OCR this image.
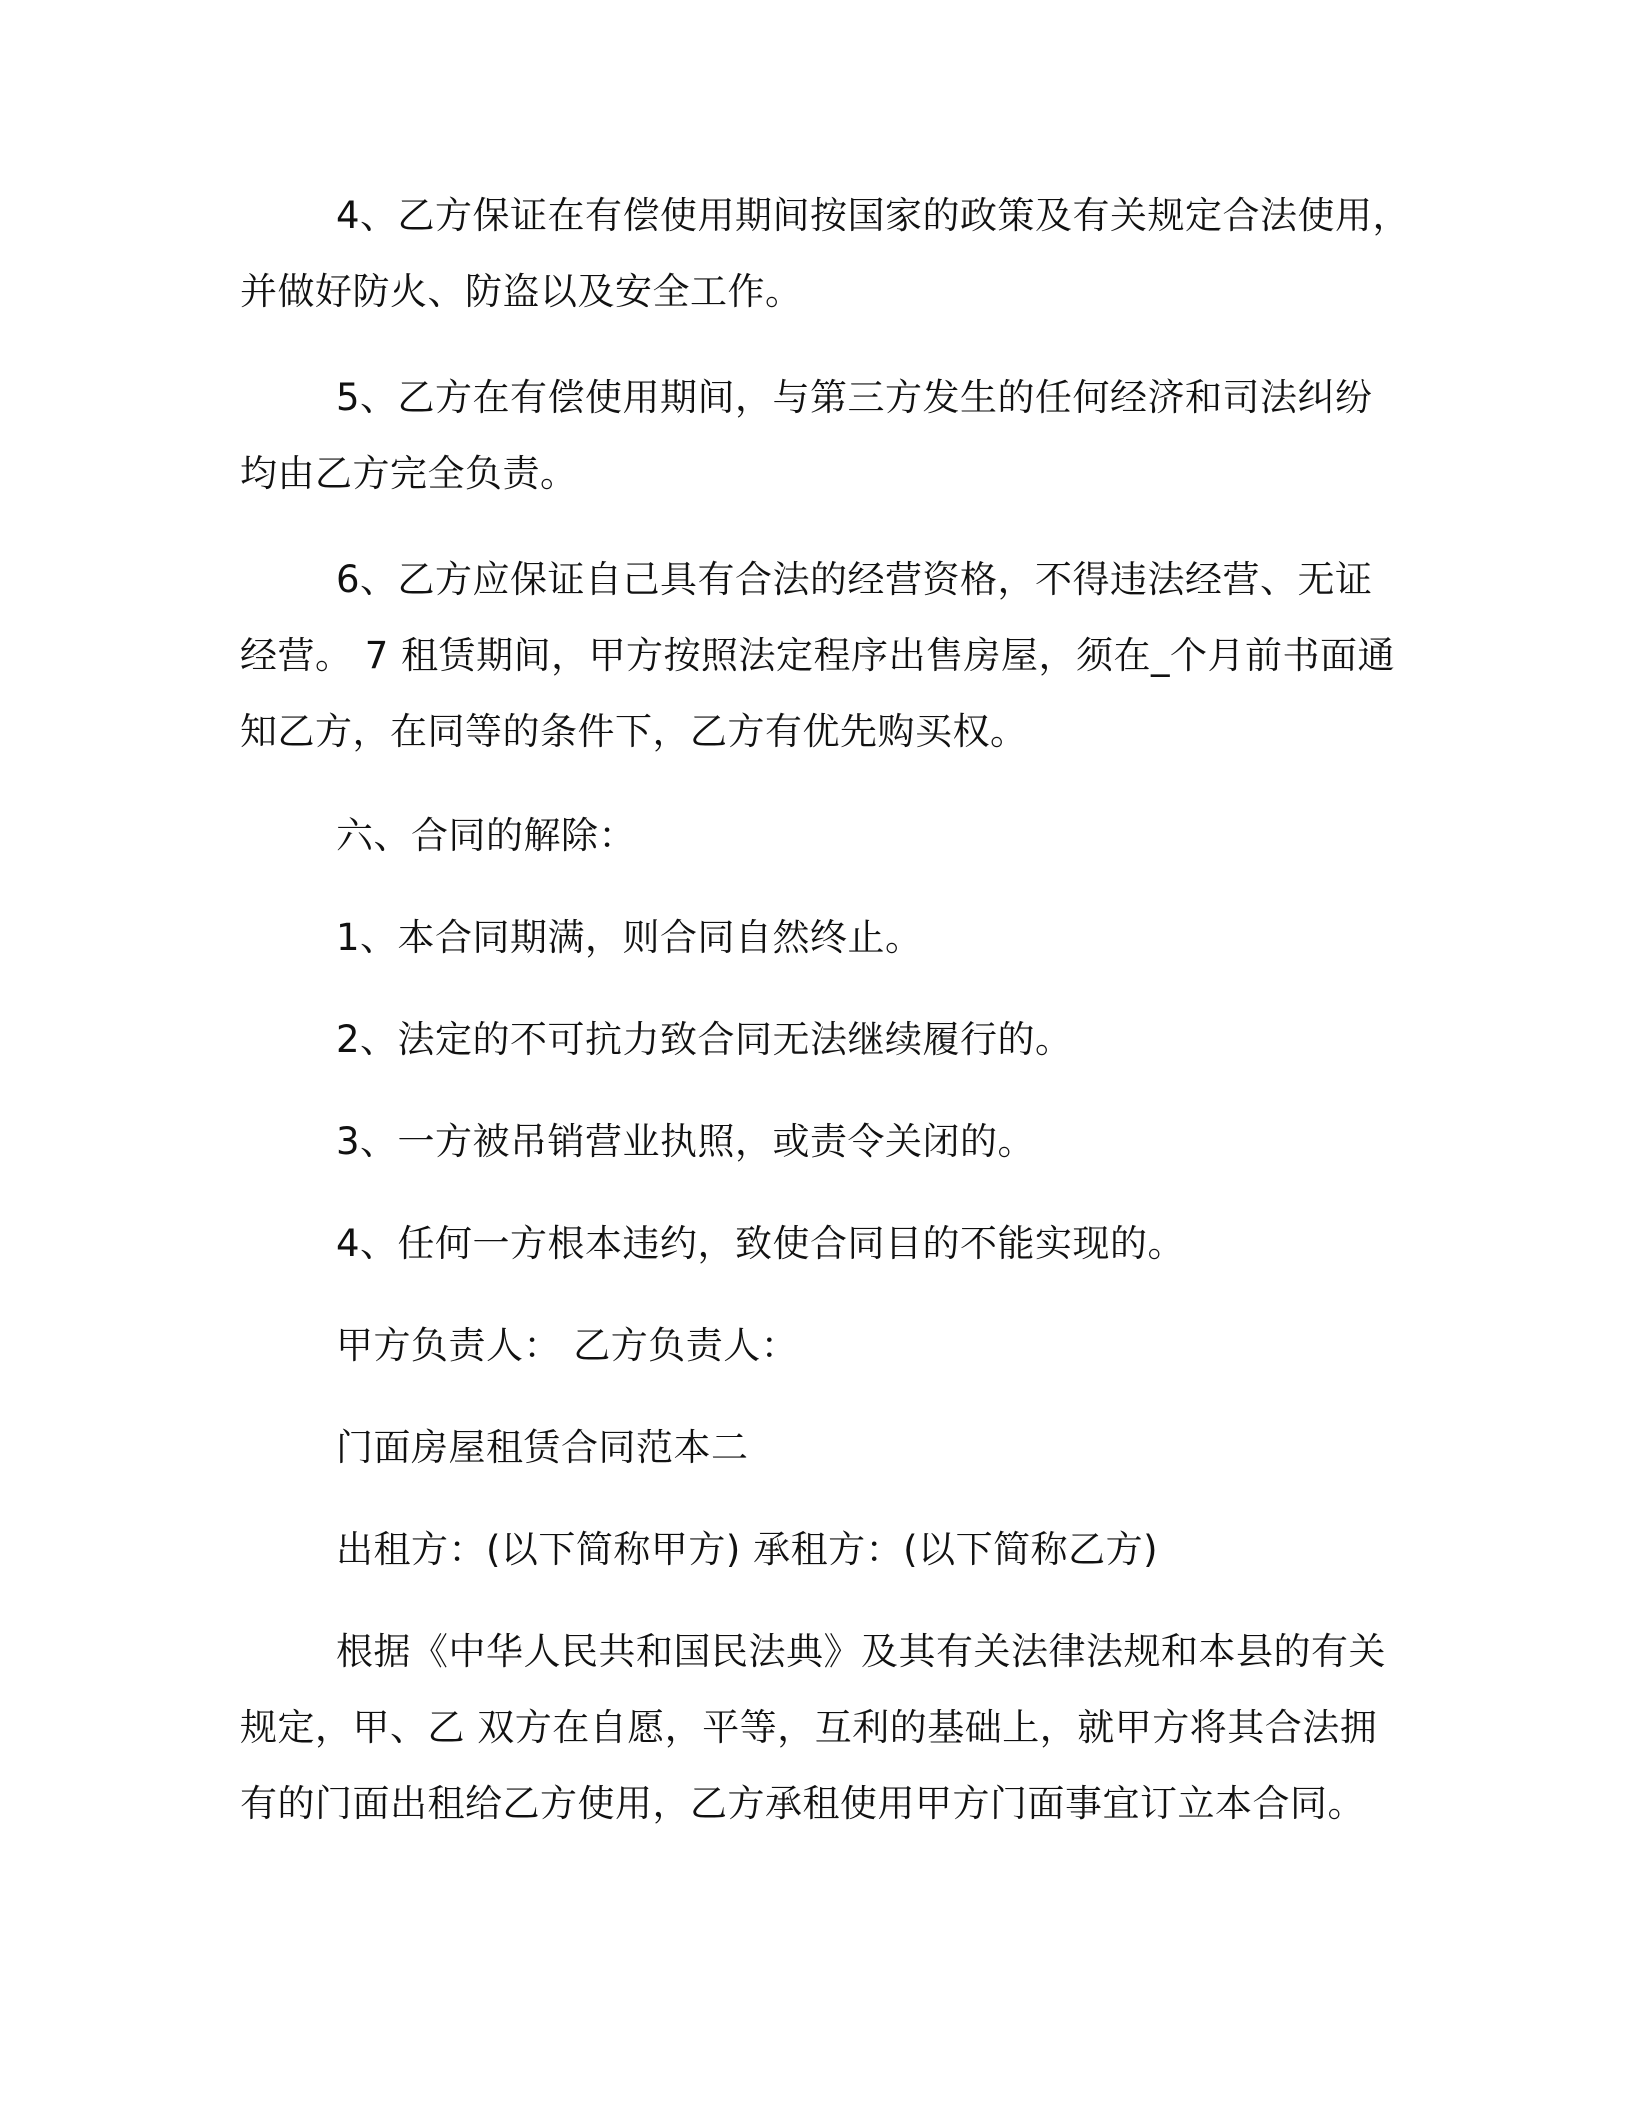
4、乙方保证在有偿使用期间按国家的政策及有关规定合法使用，
并做好防火、防盗以及安全工作。
5、乙方在有偿使用期间，与第三方发生的任何经济和司法纠纷
均由乙方完全负责。
6、乙方应保证自己具有合法的经营资格，不得违法经营、无证
经营。 7 租赁期间，甲方按照法定程序出售房屋，须在_个月前书面通
知乙方，在同等的条件下，乙方有优先购买权。
六、合同的解除：
1、本合同期满，则合同自然终止。
2、法定的不可抗力致合同无法继续履行的。
3、一方被吊销营业执照，或责令关闭的。
4、任何一方根本违约，致使合同目的不能实现的。
甲方负责人： 乙方负责人：
门面房屋租赁合同范本二
出租方：(以下简称甲方) 承租方：(以下简称乙方)
根据《中华人民共和国民法典》及其有关法律法规和本县的有关
规定，甲、乙 双方在自愿，平等，互利的基础上，就甲方将其合法拥
有的门面出租给乙方使用，乙方承租使用甲方门面事宜订立本合同。
